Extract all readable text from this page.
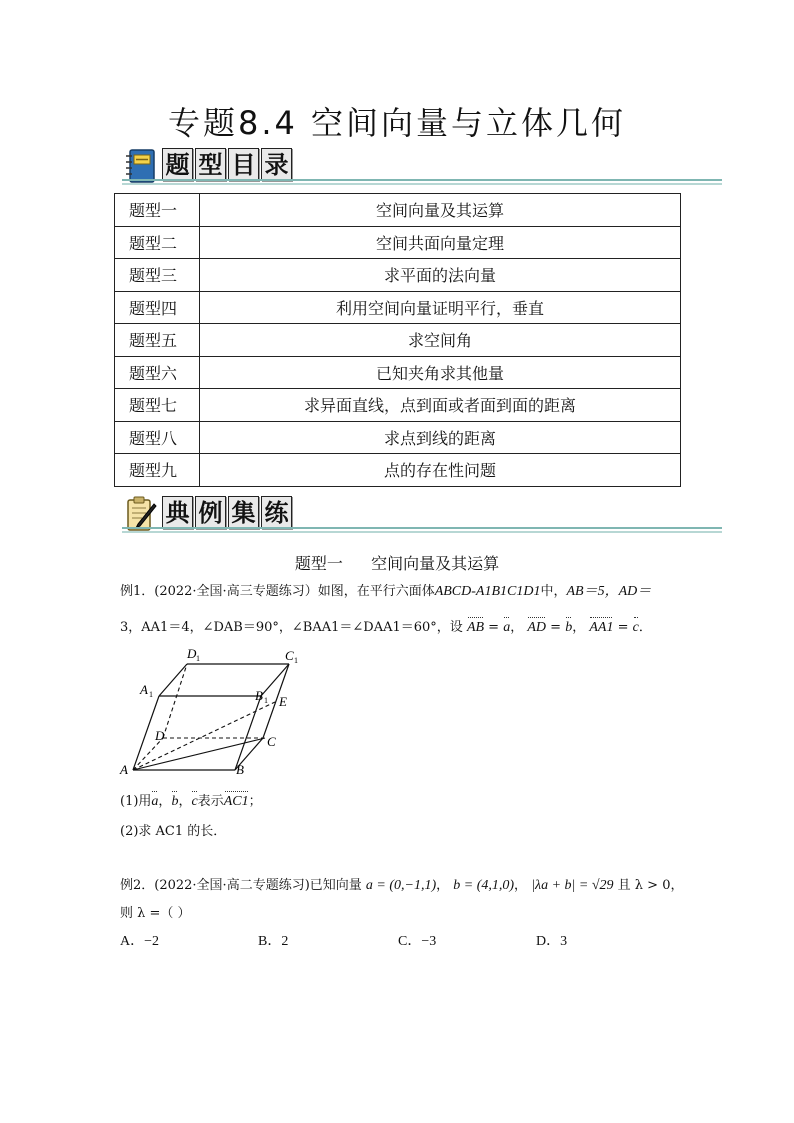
专题8.4 空间向量与立体几何
题 型 目 录
题型一	空间向量及其运算
题型二	空间共面向量定理
题型三	求平面的法向量
题型四	利用空间向量证明平行，垂直
题型五	求空间角
题型六	已知夹角求其他量
题型七	求异面直线，点到面或者面到面的距离
题型八	求点到线的距离
题型九	点的存在性问题
典 例 集 练
题型一 空间向量及其运算
例1．(2022·全国·高三专题练习）如图，在平行六面体ABCD-A1B1C1D1中，AB＝5，AD＝
3，AA1＝4，∠DAB＝90°，∠BAA1＝∠DAA1＝60°，设 AB = a， AD = b， AA1 = c．
A	B
C
D
A 1	B 1
C 1
D 1
E
(1)用a，b，c表示AC1；
(2)求 AC1 的长．
例2．(2022·全国·高二专题练习)已知向量 a = (0,−1,1)， b = (4,1,0)， |λa + b| = √29 且 λ > 0，
则 λ =（ ）
A．−2	B．2	C．−3	D．3
